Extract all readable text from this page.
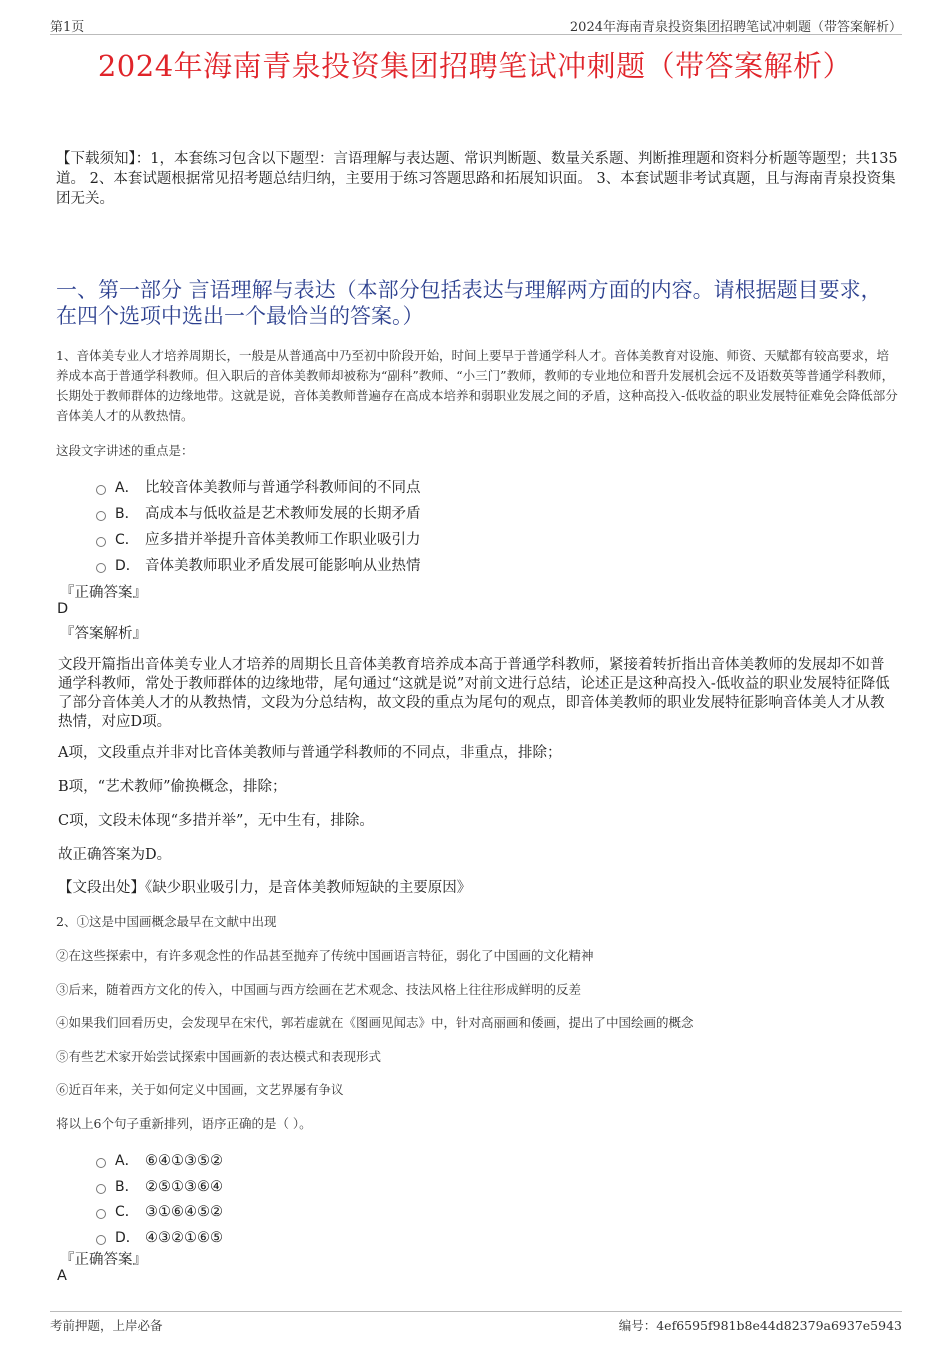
第1页	2024年海南青泉投资集团招聘笔试冲刺题（带答案解析）
2024年海南青泉投资集团招聘笔试冲刺题（带答案解析）
【下载须知】：1，本套练习包含以下题型：言语理解与表达题、常识判断题、数量关系题、判断推理题和资料分析题等题型；共135道。 2、本套试题根据常见招考题总结归纳，主要用于练习答题思路和拓展知识面。 3、本套试题非考试真题，且与海南青泉投资集团无关。
一、第一部分 言语理解与表达（本部分包括表达与理解两方面的内容。请根据题目要求，在四个选项中选出一个最恰当的答案。）
1、音体美专业人才培养周期长，一般是从普通高中乃至初中阶段开始，时间上要早于普通学科人才。音体美教育对设施、师资、天赋都有较高要求，培养成本高于普通学科教师。但入职后的音体美教师却被称为“副科”教师、“小三门”教师，教师的专业地位和晋升发展机会远不及语数英等普通学科教师，长期处于教师群体的边缘地带。这就是说，音体美教师普遍存在高成本培养和弱职业发展之间的矛盾，这种高投入-低收益的职业发展特征难免会降低部分音体美人才的从教热情。
这段文字讲述的重点是：
A． 比较音体美教师与普通学科教师间的不同点
B． 高成本与低收益是艺术教师发展的长期矛盾
C． 应多措并举提升音体美教师工作职业吸引力
D． 音体美教师职业矛盾发展可能影响从业热情
『正确答案』
D
『答案解析』
文段开篇指出音体美专业人才培养的周期长且音体美教育培养成本高于普通学科教师，紧接着转折指出音体美教师的发展却不如普通学科教师，常处于教师群体的边缘地带，尾句通过“这就是说”对前文进行总结，论述正是这种高投入-低收益的职业发展特征降低了部分音体美人才的从教热情，文段为分总结构，故文段的重点为尾句的观点，即音体美教师的职业发展特征影响音体美人才从教热情，对应D项。
A项，文段重点并非对比音体美教师与普通学科教师的不同点，非重点，排除；
B项，“艺术教师”偷换概念，排除；
C项，文段未体现“多措并举”，无中生有，排除。
故正确答案为D。
【文段出处】《缺少职业吸引力，是音体美教师短缺的主要原因》
2、①这是中国画概念最早在文献中出现
②在这些探索中，有许多观念性的作品甚至抛弃了传统中国画语言特征，弱化了中国画的文化精神
③后来，随着西方文化的传入，中国画与西方绘画在艺术观念、技法风格上往往形成鲜明的反差
④如果我们回看历史，会发现早在宋代，郭若虚就在《图画见闻志》中，针对高丽画和倭画，提出了中国绘画的概念
⑤有些艺术家开始尝试探索中国画新的表达模式和表现形式
⑥近百年来，关于如何定义中国画，文艺界屡有争议
将以上6个句子重新排列，语序正确的是（ ）。
A． ⑥④①③⑤②
B． ②⑤①③⑥④
C． ③①⑥④⑤②
D． ④③②①⑥⑤
『正确答案』
A
考前押题，上岸必备	编号：4ef6595f981b8e44d82379a6937e5943
